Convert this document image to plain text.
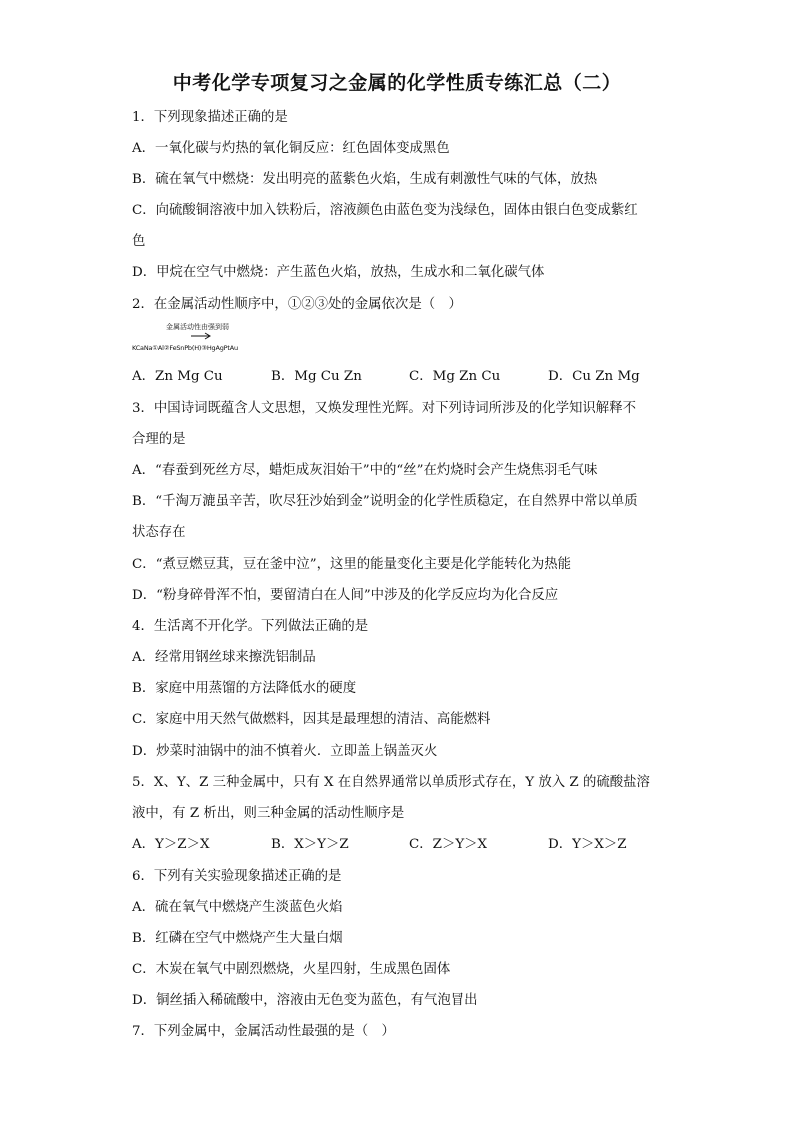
中考化学专项复习之金属的化学性质专练汇总（二）
1．下列现象描述正确的是
A．一氧化碳与灼热的氧化铜反应：红色固体变成黑色
B．硫在氧气中燃烧：发出明亮的蓝紫色火焰，生成有刺激性气味的气体，放热
C．向硫酸铜溶液中加入铁粉后，溶液颜色由蓝色变为浅绿色，固体由银白色变成紫红
色
D．甲烷在空气中燃烧：产生蓝色火焰，放热，生成水和二氧化碳气体
2．在金属活动性顺序中，①②③处的金属依次是（　）
金属活动性由强到弱
KCaNa①Al②FeSnPb(H)③HgAgPtAu
A．Zn Mg Cu	B．Mg Cu Zn	C．Mg Zn Cu	D．Cu Zn Mg
3．中国诗词既蕴含人文思想，又焕发理性光辉。对下列诗词所涉及的化学知识解释不
合理的是
A．“春蚕到死丝方尽，蜡炬成灰泪始干”中的“丝”在灼烧时会产生烧焦羽毛气味
B．“千淘万漉虽辛苦，吹尽狂沙始到金”说明金的化学性质稳定，在自然界中常以单质
状态存在
C．“煮豆燃豆萁，豆在釜中泣”，这里的能量变化主要是化学能转化为热能
D．“粉身碎骨浑不怕，要留清白在人间”中涉及的化学反应均为化合反应
4．生活离不开化学。下列做法正确的是
A．经常用钢丝球来擦洗铝制品
B．家庭中用蒸馏的方法降低水的硬度
C．家庭中用天然气做燃料，因其是最理想的清洁、高能燃料
D．炒菜时油锅中的油不慎着火．立即盖上锅盖灭火
5．X、Y、Z 三种金属中，只有 X 在自然界通常以单质形式存在，Y 放入 Z 的硫酸盐溶
液中，有 Z 析出，则三种金属的活动性顺序是
A．Y＞Z＞X	B．X＞Y＞Z	C．Z＞Y＞X	D．Y＞X＞Z
6．下列有关实验现象描述正确的是
A．硫在氧气中燃烧产生淡蓝色火焰
B．红磷在空气中燃烧产生大量白烟
C．木炭在氧气中剧烈燃烧，火星四射，生成黑色固体
D．铜丝插入稀硫酸中，溶液由无色变为蓝色，有气泡冒出
7．下列金属中，金属活动性最强的是（　）
